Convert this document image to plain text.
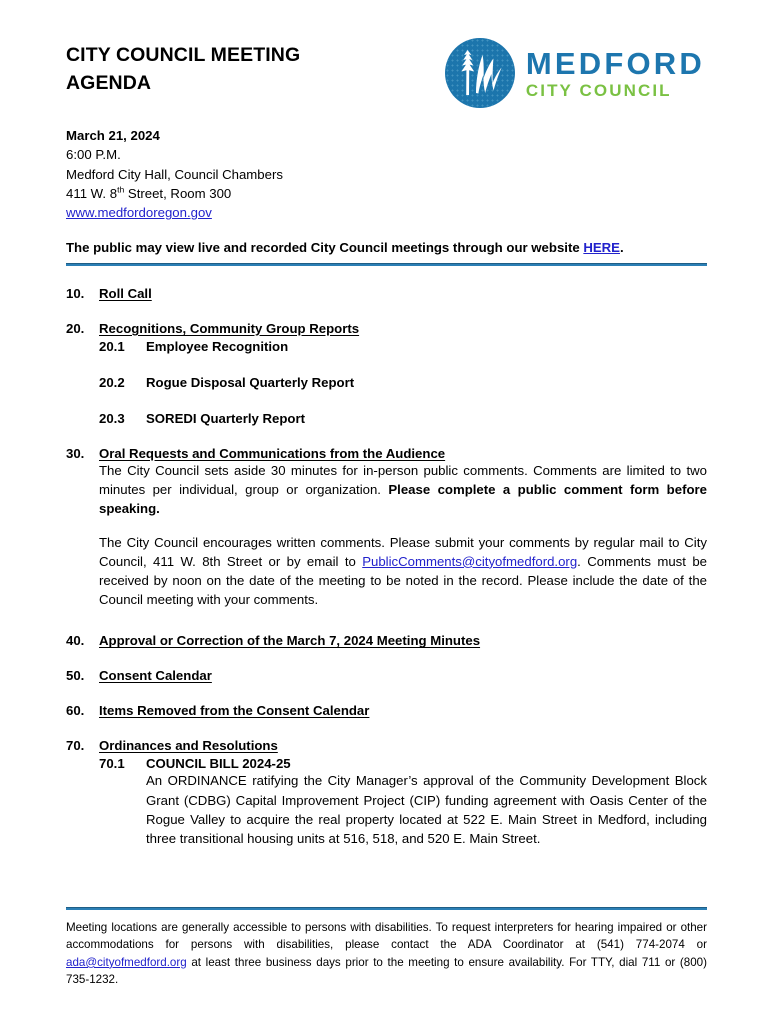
CITY COUNCIL MEETING
AGENDA
MEDFORD
CITY COUNCIL
March 21, 2024
6:00 P.M.
Medford City Hall, Council Chambers
411 W. 8th Street, Room 300
www.medfordoregon.gov
The public may view live and recorded City Council meetings through our website HERE.
10.	Roll Call
20.	Recognitions, Community Group Reports
20.1	Employee Recognition
20.2	Rogue Disposal Quarterly Report
20.3	SOREDI Quarterly Report
30.	Oral Requests and Communications from the Audience
The City Council sets aside 30 minutes for in-person public comments. Comments are limited to two minutes per individual, group or organization. Please complete a public comment form before speaking.
The City Council encourages written comments. Please submit your comments by regular mail to City Council, 411 W. 8th Street or by email to PublicComments@cityofmedford.org. Comments must be received by noon on the date of the meeting to be noted in the record. Please include the date of the Council meeting with your comments.
40.	Approval or Correction of the March 7, 2024 Meeting Minutes
50.	Consent Calendar
60.	Items Removed from the Consent Calendar
70.	Ordinances and Resolutions
70.1	COUNCIL BILL 2024-25
An ORDINANCE ratifying the City Manager’s approval of the Community Development Block Grant (CDBG) Capital Improvement Project (CIP) funding agreement with Oasis Center of the Rogue Valley to acquire the real property located at 522 E. Main Street in Medford, including three transitional housing units at 516, 518, and 520 E. Main Street.
Meeting locations are generally accessible to persons with disabilities. To request interpreters for hearing impaired or other accommodations for persons with disabilities, please contact the ADA Coordinator at (541) 774-2074 or ada@cityofmedford.org at least three business days prior to the meeting to ensure availability. For TTY, dial 711 or (800) 735-1232.
